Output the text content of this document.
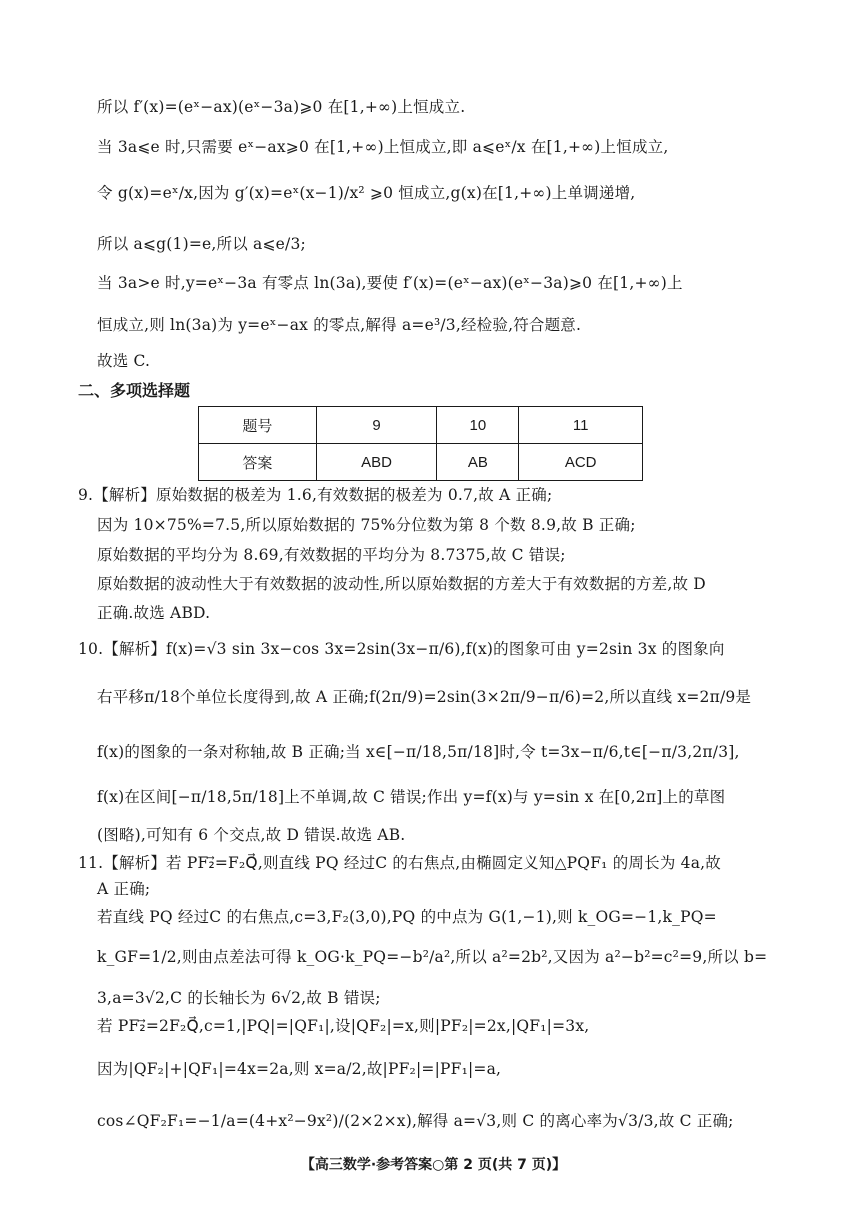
所以 f′(x)=(eˣ−ax)(eˣ−3a)⩾0 在[1,+∞)上恒成立.
当 3a⩽e 时,只需要 eˣ−ax⩾0 在[1,+∞)上恒成立,即 a⩽eˣ/x 在[1,+∞)上恒成立,
令 g(x)=eˣ/x,因为 g′(x)=eˣ(x−1)/x² ⩾0 恒成立,g(x)在[1,+∞)上单调递增,
所以 a⩽g(1)=e,所以 a⩽e/3;
当 3a>e 时,y=eˣ−3a 有零点 ln(3a),要使 f′(x)=(eˣ−ax)(eˣ−3a)⩾0 在[1,+∞)上
恒成立,则 ln(3a)为 y=eˣ−ax 的零点,解得 a=e³/3,经检验,符合题意.
故选 C.
二、多项选择题
题号	9	10	11
答案	ABD	AB	ACD
9.【解析】原始数据的极差为 1.6,有效数据的极差为 0.7,故 A 正确;
因为 10×75%=7.5,所以原始数据的 75%分位数为第 8 个数 8.9,故 B 正确;
原始数据的平均分为 8.69,有效数据的平均分为 8.7375,故 C 错误;
原始数据的波动性大于有效数据的波动性,所以原始数据的方差大于有效数据的方差,故 D
正确.故选 ABD.
10.【解析】f(x)=√3 sin 3x−cos 3x=2sin(3x−π/6),f(x)的图象可由 y=2sin 3x 的图象向
右平移π/18个单位长度得到,故 A 正确;f(2π/9)=2sin(3×2π/9−π/6)=2,所以直线 x=2π/9是
f(x)的图象的一条对称轴,故 B 正确;当 x∈[−π/18,5π/18]时,令 t=3x−π/6,t∈[−π/3,2π/3],
f(x)在区间[−π/18,5π/18]上不单调,故 C 错误;作出 y=f(x)与 y=sin x 在[0,2π]上的草图
(图略),可知有 6 个交点,故 D 错误.故选 AB.
11.【解析】若 PF₂⃗=F₂Q⃗,则直线 PQ 经过C 的右焦点,由椭圆定义知△PQF₁ 的周长为 4a,故
A 正确;
若直线 PQ 经过C 的右焦点,c=3,F₂(3,0),PQ 的中点为 G(1,−1),则 k_OG=−1,k_PQ=
k_GF=1/2,则由点差法可得 k_OG·k_PQ=−b²/a²,所以 a²=2b²,又因为 a²−b²=c²=9,所以 b=
3,a=3√2,C 的长轴长为 6√2,故 B 错误;
若 PF₂⃗=2F₂Q⃗,c=1,|PQ|=|QF₁|,设|QF₂|=x,则|PF₂|=2x,|QF₁|=3x,
因为|QF₂|+|QF₁|=4x=2a,则 x=a/2,故|PF₂|=|PF₁|=a,
cos∠QF₂F₁=−1/a=(4+x²−9x²)/(2×2×x),解得 a=√3,则 C 的离心率为√3/3,故 C 正确;
【高三数学·参考答案○第 2 页(共 7 页)】
